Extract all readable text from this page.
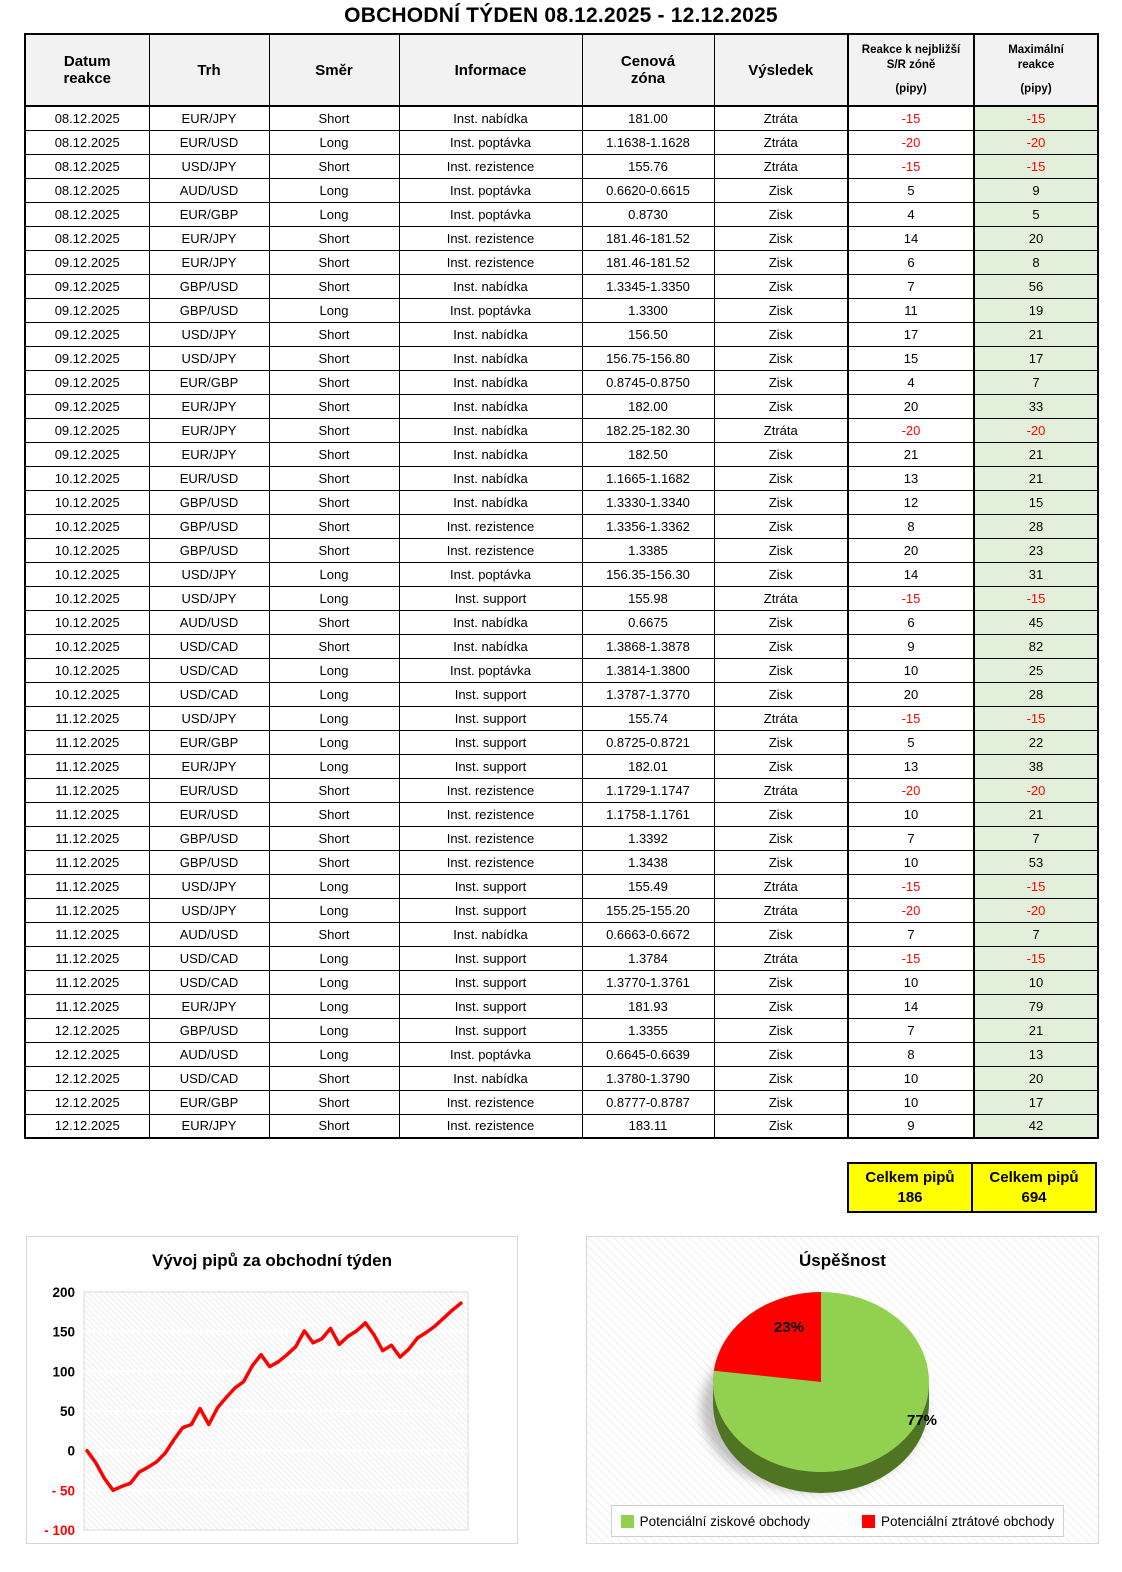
OBCHODNÍ TÝDEN 08.12.2025 - 12.12.2025
Datum
reakce	Trh	Směr	Informace	Cenová
zóna	Výsledek

Reakce k nejbližší
S/R zóně
(pipy)

Maximální
reakce
(pipy)

08.12.2025	EUR/JPY	Short	Inst. nabídka	181.00	Ztráta	-15	-15
08.12.2025	EUR/USD	Long	Inst. poptávka	1.1638-1.1628	Ztráta	-20	-20
08.12.2025	USD/JPY	Short	Inst. rezistence	155.76	Ztráta	-15	-15
08.12.2025	AUD/USD	Long	Inst. poptávka	0.6620-0.6615	Zisk	5	9
08.12.2025	EUR/GBP	Long	Inst. poptávka	0.8730	Zisk	4	5
08.12.2025	EUR/JPY	Short	Inst. rezistence	181.46-181.52	Zisk	14	20
09.12.2025	EUR/JPY	Short	Inst. rezistence	181.46-181.52	Zisk	6	8
09.12.2025	GBP/USD	Short	Inst. nabídka	1.3345-1.3350	Zisk	7	56
09.12.2025	GBP/USD	Long	Inst. poptávka	1.3300	Zisk	11	19
09.12.2025	USD/JPY	Short	Inst. nabídka	156.50	Zisk	17	21
09.12.2025	USD/JPY	Short	Inst. nabídka	156.75-156.80	Zisk	15	17
09.12.2025	EUR/GBP	Short	Inst. nabídka	0.8745-0.8750	Zisk	4	7
09.12.2025	EUR/JPY	Short	Inst. nabídka	182.00	Zisk	20	33
09.12.2025	EUR/JPY	Short	Inst. nabídka	182.25-182.30	Ztráta	-20	-20
09.12.2025	EUR/JPY	Short	Inst. nabídka	182.50	Zisk	21	21
10.12.2025	EUR/USD	Short	Inst. nabídka	1.1665-1.1682	Zisk	13	21
10.12.2025	GBP/USD	Short	Inst. nabídka	1.3330-1.3340	Zisk	12	15
10.12.2025	GBP/USD	Short	Inst. rezistence	1.3356-1.3362	Zisk	8	28
10.12.2025	GBP/USD	Short	Inst. rezistence	1.3385	Zisk	20	23
10.12.2025	USD/JPY	Long	Inst. poptávka	156.35-156.30	Zisk	14	31
10.12.2025	USD/JPY	Long	Inst. support	155.98	Ztráta	-15	-15
10.12.2025	AUD/USD	Short	Inst. nabídka	0.6675	Zisk	6	45
10.12.2025	USD/CAD	Short	Inst. nabídka	1.3868-1.3878	Zisk	9	82
10.12.2025	USD/CAD	Long	Inst. poptávka	1.3814-1.3800	Zisk	10	25
10.12.2025	USD/CAD	Long	Inst. support	1.3787-1.3770	Zisk	20	28
11.12.2025	USD/JPY	Long	Inst. support	155.74	Ztráta	-15	-15
11.12.2025	EUR/GBP	Long	Inst. support	0.8725-0.8721	Zisk	5	22
11.12.2025	EUR/JPY	Long	Inst. support	182.01	Zisk	13	38
11.12.2025	EUR/USD	Short	Inst. rezistence	1.1729-1.1747	Ztráta	-20	-20
11.12.2025	EUR/USD	Short	Inst. rezistence	1.1758-1.1761	Zisk	10	21
11.12.2025	GBP/USD	Short	Inst. rezistence	1.3392	Zisk	7	7
11.12.2025	GBP/USD	Short	Inst. rezistence	1.3438	Zisk	10	53
11.12.2025	USD/JPY	Long	Inst. support	155.49	Ztráta	-15	-15
11.12.2025	USD/JPY	Long	Inst. support	155.25-155.20	Ztráta	-20	-20
11.12.2025	AUD/USD	Short	Inst. nabídka	0.6663-0.6672	Zisk	7	7
11.12.2025	USD/CAD	Long	Inst. support	1.3784	Ztráta	-15	-15
11.12.2025	USD/CAD	Long	Inst. support	1.3770-1.3761	Zisk	10	10
11.12.2025	EUR/JPY	Long	Inst. support	181.93	Zisk	14	79
12.12.2025	GBP/USD	Long	Inst. support	1.3355	Zisk	7	21
12.12.2025	AUD/USD	Long	Inst. poptávka	0.6645-0.6639	Zisk	8	13
12.12.2025	USD/CAD	Short	Inst. nabídka	1.3780-1.3790	Zisk	10	20
12.12.2025	EUR/GBP	Short	Inst. rezistence	0.8777-0.8787	Zisk	10	17
12.12.2025	EUR/JPY	Short	Inst. rezistence	183.11	Zisk	9	42
Celkem pipů
186
Celkem pipů
694
Vývoj pipů za obchodní týden
200
150
100
50
0
- 50
- 100
Úspěšnost
77%
23%
Potenciální ziskové obchody	Potenciální ztrátové obchody
